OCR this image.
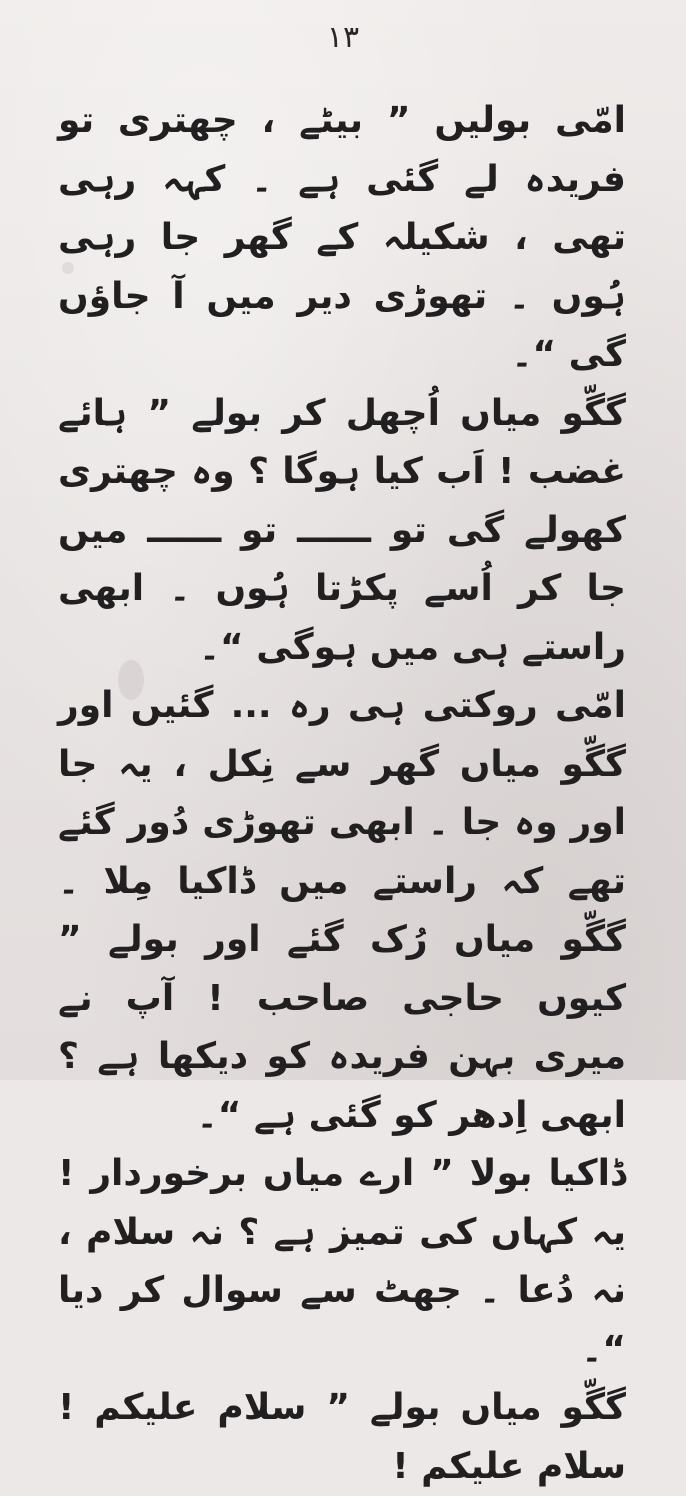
١٣

امّی بولیں ” بیٹے ، چھتری تو فریدہ لے گئی ہے ۔ کہہ رہی تھی ، شکیلہ کے گھر جا رہی ہُوں ۔ تھوڑی دیر میں آ جاؤں گی “۔

گگّو میاں اُچھل کر بولے ” ہائے غضب ! اَب کیا ہوگا ؟ وہ چھتری کھولے گی تو ــــــ تو ــــــ میں جا کر اُسے پکڑتا ہُوں ۔ ابھی راستے ہی میں ہوگی “۔

امّی روکتی ہی رہ ... گئیں اور گگّو میاں گھر سے نِکل ، یہ جا اور وہ جا ۔ ابھی تھوڑی دُور گئے تھے کہ راستے میں ڈاکیا مِلا ۔ گگّو میاں رُک گئے اور بولے ” کیوں حاجی صاحب ! آپ نے میری بہن فریدہ کو دیکھا ہے ؟ ابھی اِدھر کو گئی ہے “۔

ڈاکیا بولا ” ارے میاں برخوردار ! یہ کہاں کی تمیز ہے ؟ نہ سلام ، نہ دُعا ۔ جھٹ سے سوال کر دیا “۔

گگّو میاں بولے ” سلام علیکم ! سلام علیکم !
